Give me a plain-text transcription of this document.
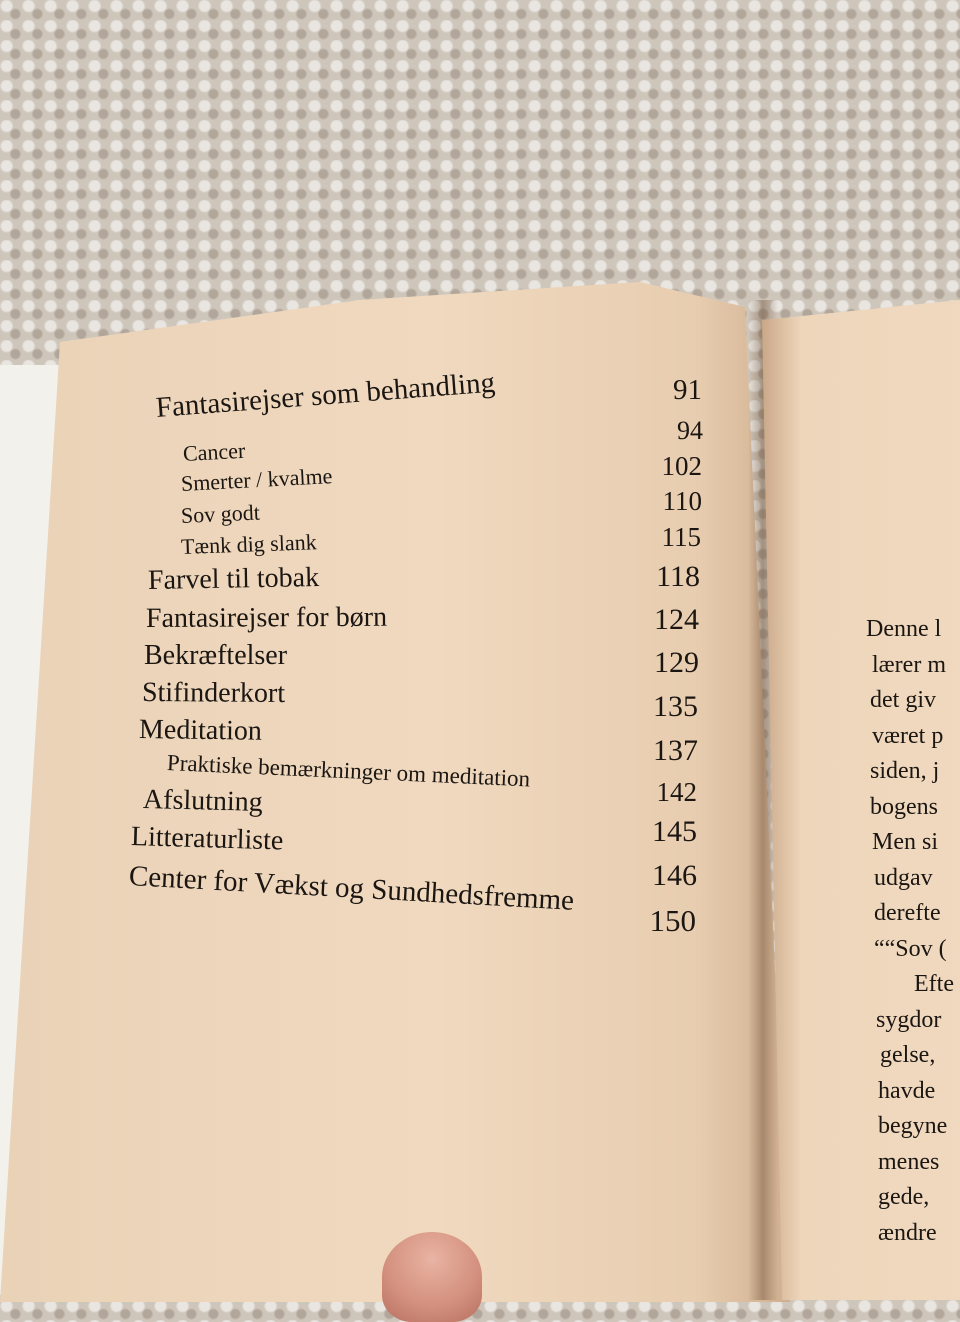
Fantasirejser som behandling
Cancer
Smerter / kvalme
Sov godt
Tænk dig slank
Farvel til tobak
Fantasirejser for børn
Bekræftelser
Stifinderkort
Meditation
Praktiske bemærkninger om meditation
Afslutning
Litteraturliste
Center for Vækst og Sundhedsfremme
91
94
102
110
115
118
124
129
135
137
142
145
146
150
Denne l
lærer m
det giv
været p
siden, j
bogens
Men si
udgav
derefte
““Sov (
Efte
sygdor
gelse,
havde
begyne
menes
gede,
ændre
